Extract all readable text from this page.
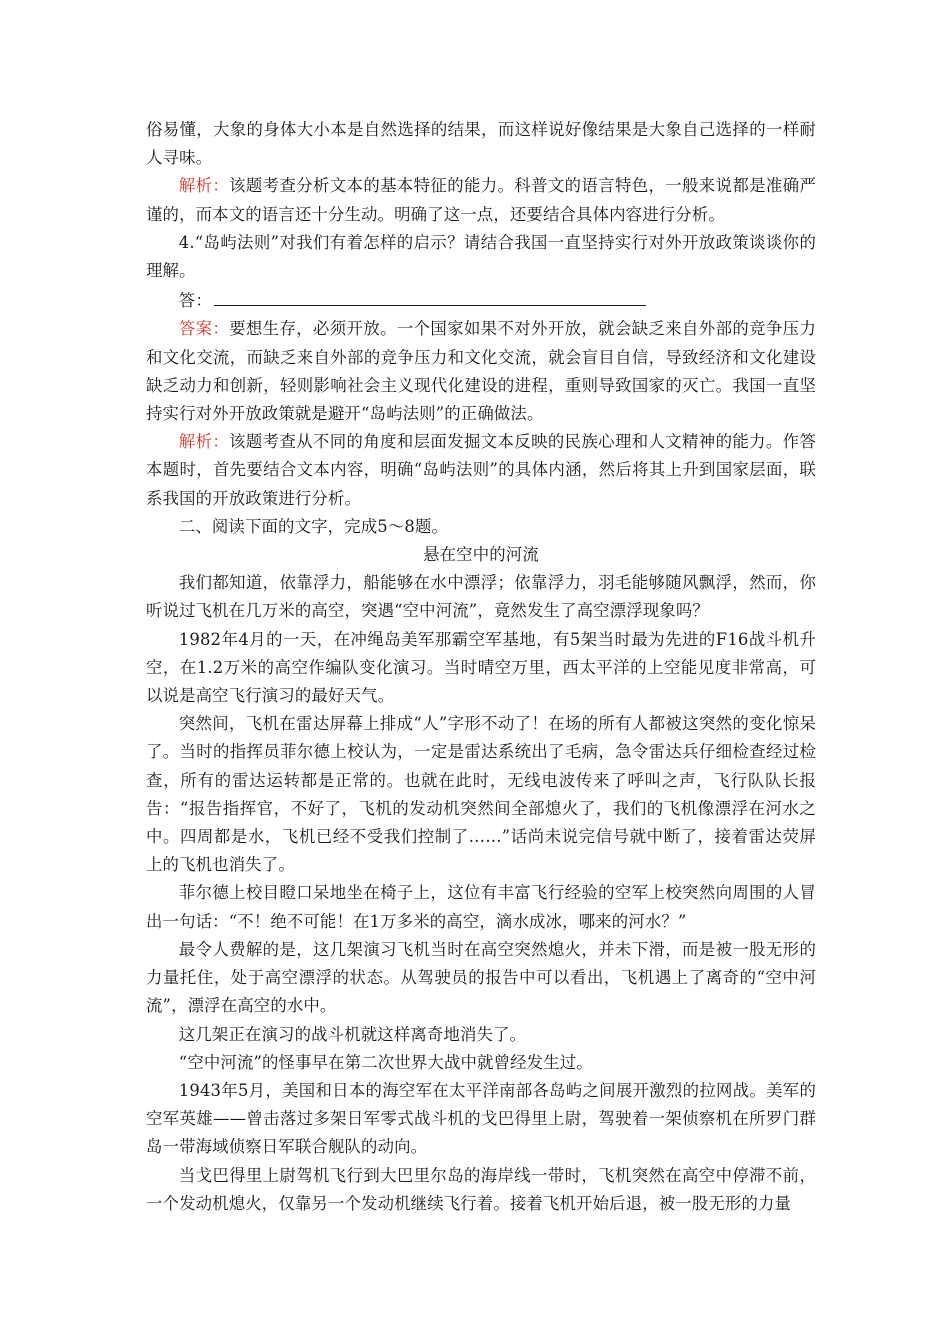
俗易懂，大象的身体大小本是自然选择的结果，而这样说好像结果是大象自己选择的一样耐人寻味。

解析：该题考查分析文本的基本特征的能力。科普文的语言特色，一般来说都是准确严谨的，而本文的语言还十分生动。明确了这一点，还要结合具体内容进行分析。

4.“岛屿法则”对我们有着怎样的启示？请结合我国一直坚持实行对外开放政策谈谈你的理解。

答：

答案：要想生存，必须开放。一个国家如果不对外开放，就会缺乏来自外部的竞争压力和文化交流，而缺乏来自外部的竞争压力和文化交流，就会盲目自信，导致经济和文化建设缺乏动力和创新，轻则影响社会主义现代化建设的进程，重则导致国家的灭亡。我国一直坚持实行对外开放政策就是避开“岛屿法则”的正确做法。

解析：该题考查从不同的角度和层面发掘文本反映的民族心理和人文精神的能力。作答本题时，首先要结合文本内容，明确“岛屿法则”的具体内涵，然后将其上升到国家层面，联系我国的开放政策进行分析。

二、阅读下面的文字，完成5～8题。

悬在空中的河流

我们都知道，依靠浮力，船能够在水中漂浮；依靠浮力，羽毛能够随风飘浮，然而，你听说过飞机在几万米的高空，突遇“空中河流”，竟然发生了高空漂浮现象吗？

1982年4月的一天，在冲绳岛美军那霸空军基地，有5架当时最为先进的F16战斗机升空，在1.2万米的高空作编队变化演习。当时晴空万里，西太平洋的上空能见度非常高，可以说是高空飞行演习的最好天气。

突然间，飞机在雷达屏幕上排成“人”字形不动了！在场的所有人都被这突然的变化惊呆了。当时的指挥员菲尔德上校认为，一定是雷达系统出了毛病，急令雷达兵仔细检查经过检查，所有的雷达运转都是正常的。也就在此时，无线电波传来了呼叫之声，飞行队队长报告：“报告指挥官，不好了，飞机的发动机突然间全部熄火了，我们的飞机像漂浮在河水之中。四周都是水，飞机已经不受我们控制了……”话尚未说完信号就中断了，接着雷达荧屏上的飞机也消失了。

菲尔德上校目瞪口呆地坐在椅子上，这位有丰富飞行经验的空军上校突然向周围的人冒出一句话：“不！绝不可能！在1万多米的高空，滴水成冰，哪来的河水？”

最令人费解的是，这几架演习飞机当时在高空突然熄火，并未下滑，而是被一股无形的力量托住，处于高空漂浮的状态。从驾驶员的报告中可以看出，飞机遇上了离奇的“空中河流”，漂浮在高空的水中。

这几架正在演习的战斗机就这样离奇地消失了。

“空中河流”的怪事早在第二次世界大战中就曾经发生过。

1943年5月，美国和日本的海空军在太平洋南部各岛屿之间展开激烈的拉网战。美军的空军英雄——曾击落过多架日军零式战斗机的戈巴得里上尉，驾驶着一架侦察机在所罗门群岛一带海域侦察日军联合舰队的动向。

当戈巴得里上尉驾机飞行到大巴里尔岛的海岸线一带时，飞机突然在高空中停滞不前，一个发动机熄火，仅靠另一个发动机继续飞行着。接着飞机开始后退，被一股无形的力量
